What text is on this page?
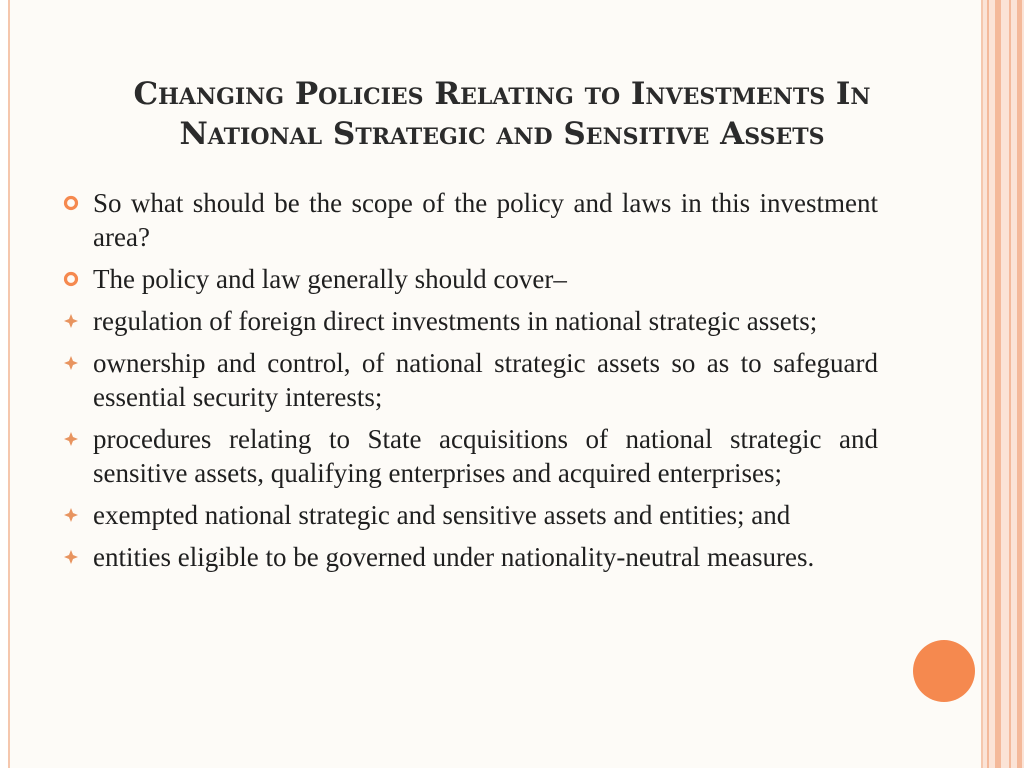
Changing Policies Relating to Investments In
National Strategic and Sensitive Assets
So what should be the scope of the policy and laws in this investment area?
The policy and law generally should cover–
regulation of foreign direct investments in national strategic assets;
ownership and control, of national strategic assets so as to safeguard essential security interests;
procedures relating to State acquisitions of national strategic and sensitive assets, qualifying enterprises and acquired enterprises;
exempted national strategic and sensitive assets and entities; and
entities eligible to be governed under nationality-neutral measures.
